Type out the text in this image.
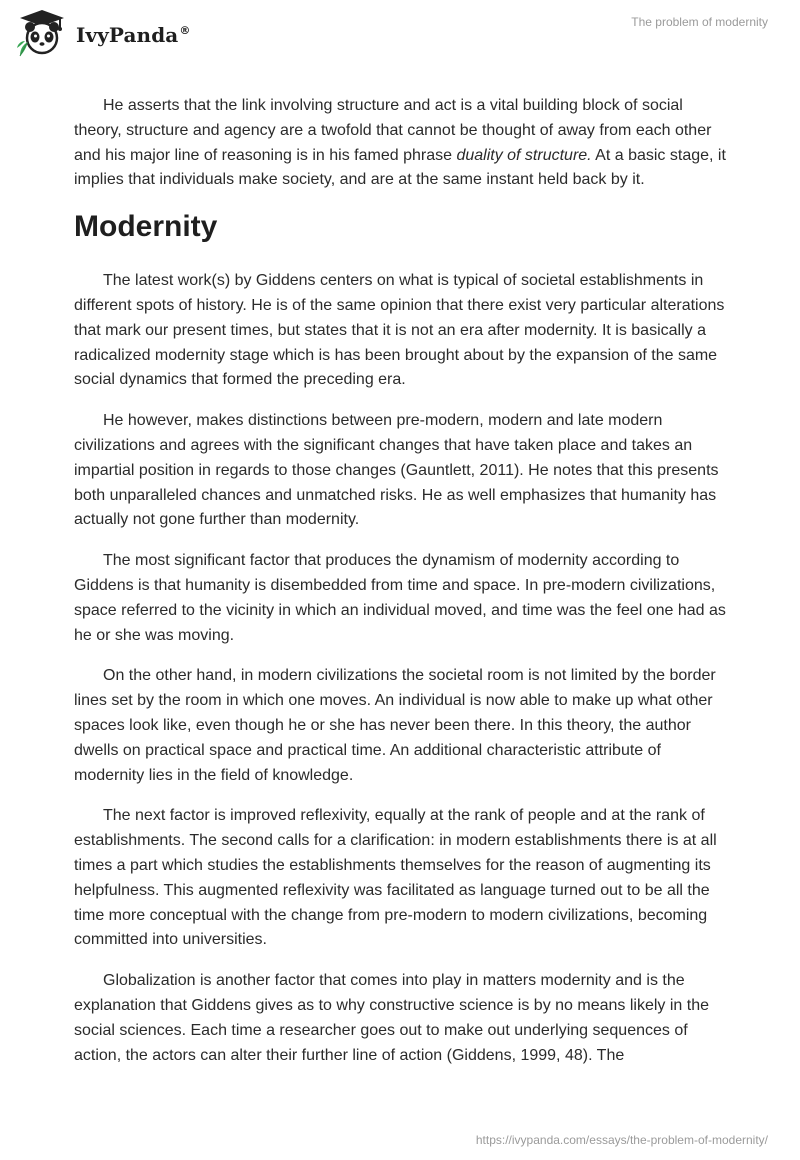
IvyPanda®
The problem of modernity

He asserts that the link involving structure and act is a vital building block of social theory, structure and agency are a twofold that cannot be thought of away from each other and his major line of reasoning is in his famed phrase duality of structure. At a basic stage, it implies that individuals make society, and are at the same instant held back by it.

Modernity

The latest work(s) by Giddens centers on what is typical of societal establishments in different spots of history. He is of the same opinion that there exist very particular alterations that mark our present times, but states that it is not an era after modernity. It is basically a radicalized modernity stage which is has been brought about by the expansion of the same social dynamics that formed the preceding era.

He however, makes distinctions between pre-modern, modern and late modern civilizations and agrees with the significant changes that have taken place and takes an impartial position in regards to those changes (Gauntlett, 2011). He notes that this presents both unparalleled chances and unmatched risks. He as well emphasizes that humanity has actually not gone further than modernity.

The most significant factor that produces the dynamism of modernity according to Giddens is that humanity is disembedded from time and space. In pre-modern civilizations, space referred to the vicinity in which an individual moved, and time was the feel one had as he or she was moving.

On the other hand, in modern civilizations the societal room is not limited by the border lines set by the room in which one moves. An individual is now able to make up what other spaces look like, even though he or she has never been there. In this theory, the author dwells on practical space and practical time. An additional characteristic attribute of modernity lies in the field of knowledge.

The next factor is improved reflexivity, equally at the rank of people and at the rank of establishments. The second calls for a clarification: in modern establishments there is at all times a part which studies the establishments themselves for the reason of augmenting its helpfulness. This augmented reflexivity was facilitated as language turned out to be all the time more conceptual with the change from pre-modern to modern civilizations, becoming committed into universities.

Globalization is another factor that comes into play in matters modernity and is the explanation that Giddens gives as to why constructive science is by no means likely in the social sciences. Each time a researcher goes out to make out underlying sequences of action, the actors can alter their further line of action (Giddens, 1999, 48). The

https://ivypanda.com/essays/the-problem-of-modernity/
